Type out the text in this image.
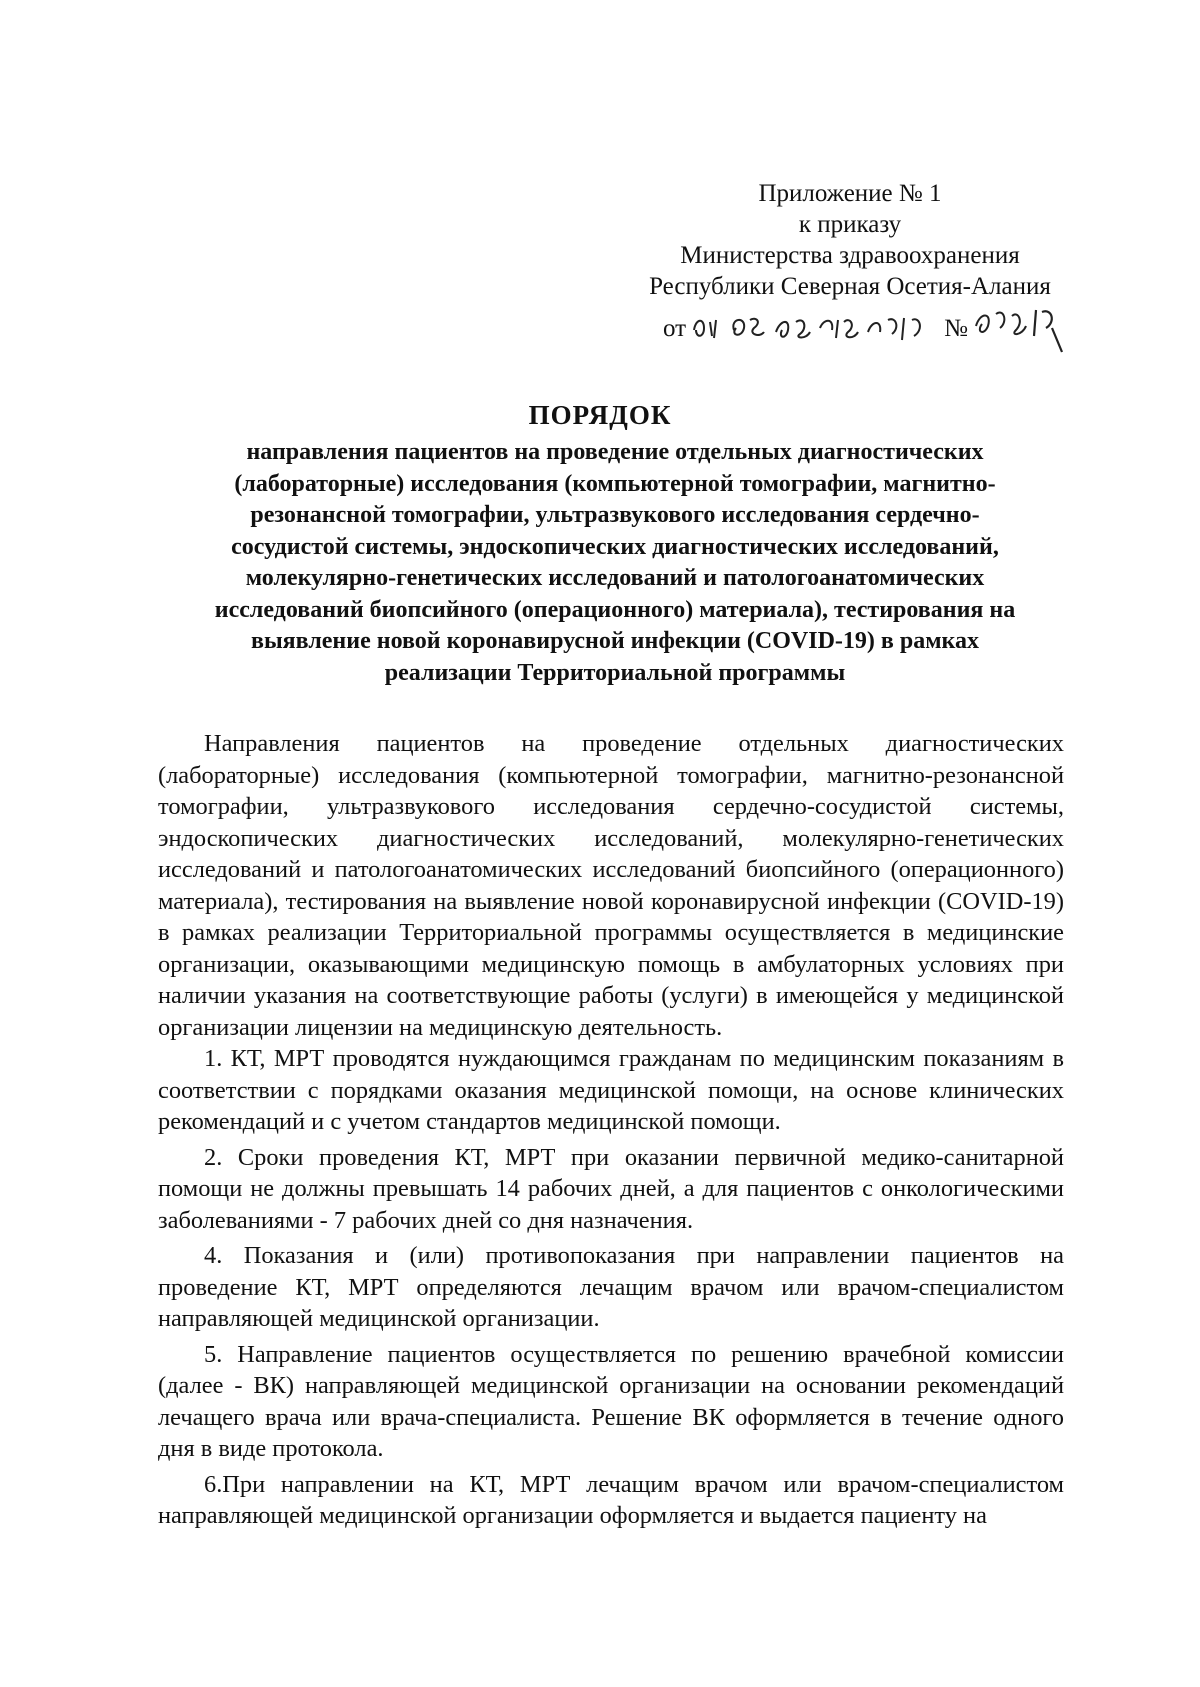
Приложение № 1
к приказу
Министерства здравоохранения
Республики Северная Осетия-Алания
от	№
ПОРЯДОК
направления пациентов на проведение отдельных диагностических
(лабораторные) исследования (компьютерной томографии, магнитно-
резонансной томографии, ультразвукового исследования сердечно-
сосудистой системы, эндоскопических диагностических исследований,
молекулярно-генетических исследований и патологоанатомических
исследований биопсийного (операционного) материала), тестирования на
выявление новой коронавирусной инфекции (COVID-19) в рамках
реализации Территориальной программы

Направления пациентов на проведение отдельных диагностических (лабораторные) исследования (компьютерной томографии, магнитно-резонансной томографии, ультразвукового исследования сердечно-сосудистой системы, эндоскопических диагностических исследований, молекулярно-генетических исследований и патологоанатомических исследований биопсийного (операционного) материала), тестирования на выявление новой коронавирусной инфекции (COVID-19) в рамках реализации Территориальной программы осуществляется в медицинские организации, оказывающими медицинскую помощь в амбулаторных условиях при наличии указания на соответствующие работы (услуги) в имеющейся у медицинской организации лицензии на медицинскую деятельность.

1. КТ, МРТ проводятся нуждающимся гражданам по медицинским показаниям в соответствии с порядками оказания медицинской помощи, на основе клинических рекомендаций и с учетом стандартов медицинской помощи.

2. Сроки проведения КТ, МРТ при оказании первичной медико-санитарной помощи не должны превышать 14 рабочих дней, а для пациентов с онкологическими заболеваниями - 7 рабочих дней со дня назначения.

4. Показания и (или) противопоказания при направлении пациентов на проведение КТ, МРТ определяются лечащим врачом или врачом-специалистом направляющей медицинской организации.

5. Направление пациентов осуществляется по решению врачебной комиссии (далее - ВК) направляющей медицинской организации на основании рекомендаций лечащего врача или врача-специалиста. Решение ВК оформляется в течение одного дня в виде протокола.

6.При направлении на КТ, МРТ лечащим врачом или врачом-специалистом направляющей медицинской организации оформляется и выдается пациенту на
